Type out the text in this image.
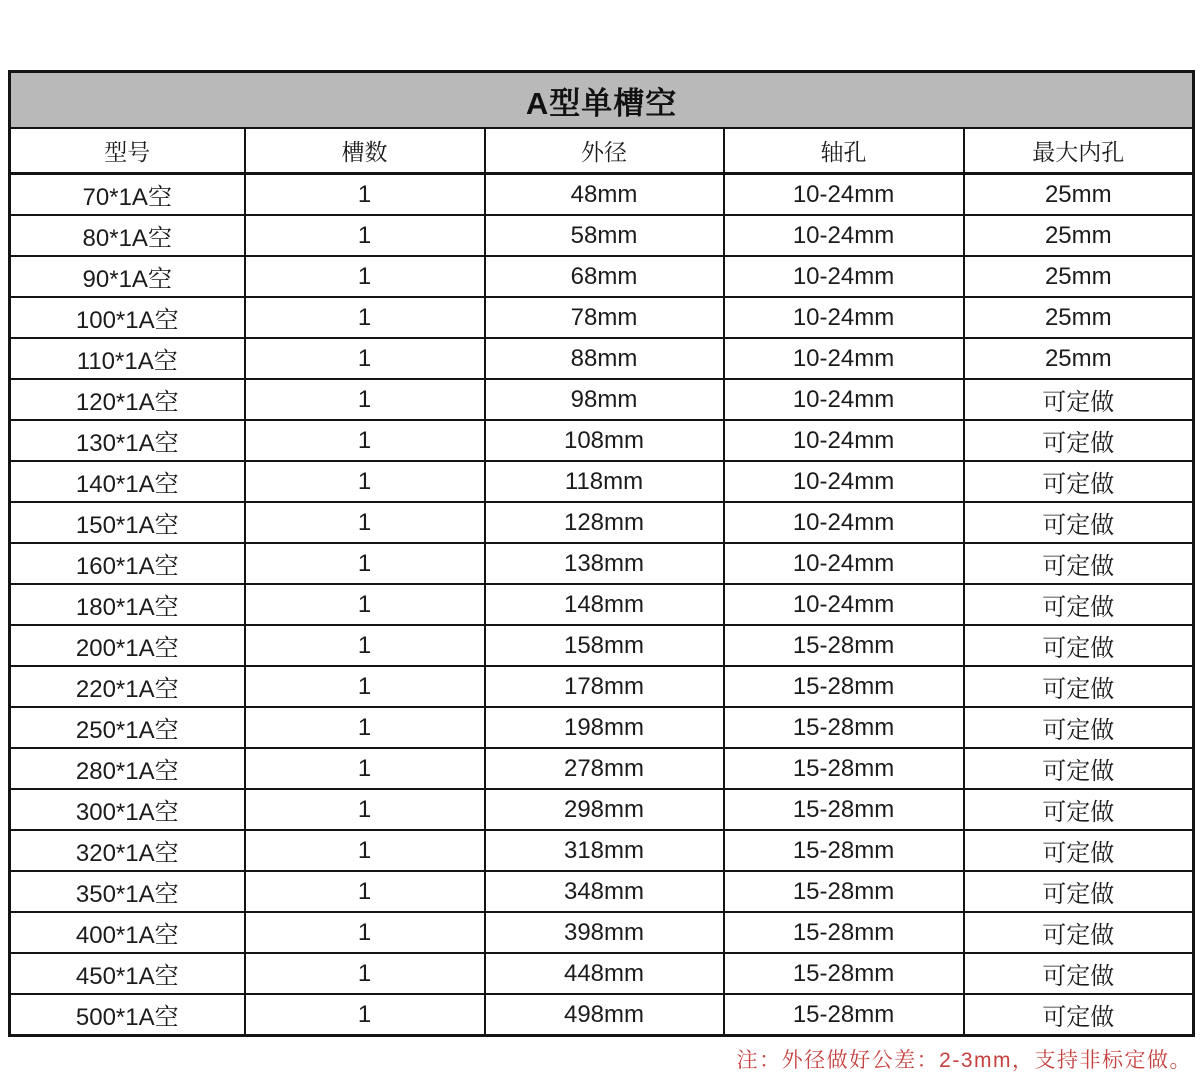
A型单槽空				
型号	槽数	外径	轴孔	最大内孔
70*1A空	1	48mm	10-24mm	25mm
80*1A空	1	58mm	10-24mm	25mm
90*1A空	1	68mm	10-24mm	25mm
100*1A空	1	78mm	10-24mm	25mm
110*1A空	1	88mm	10-24mm	25mm
120*1A空	1	98mm	10-24mm	可定做
130*1A空	1	108mm	10-24mm	可定做
140*1A空	1	118mm	10-24mm	可定做
150*1A空	1	128mm	10-24mm	可定做
160*1A空	1	138mm	10-24mm	可定做
180*1A空	1	148mm	10-24mm	可定做
200*1A空	1	158mm	15-28mm	可定做
220*1A空	1	178mm	15-28mm	可定做
250*1A空	1	198mm	15-28mm	可定做
280*1A空	1	278mm	15-28mm	可定做
300*1A空	1	298mm	15-28mm	可定做
320*1A空	1	318mm	15-28mm	可定做
350*1A空	1	348mm	15-28mm	可定做
400*1A空	1	398mm	15-28mm	可定做
450*1A空	1	448mm	15-28mm	可定做
500*1A空	1	498mm	15-28mm	可定做
注：外径做好公差：2-3mm，支持非标定做。
